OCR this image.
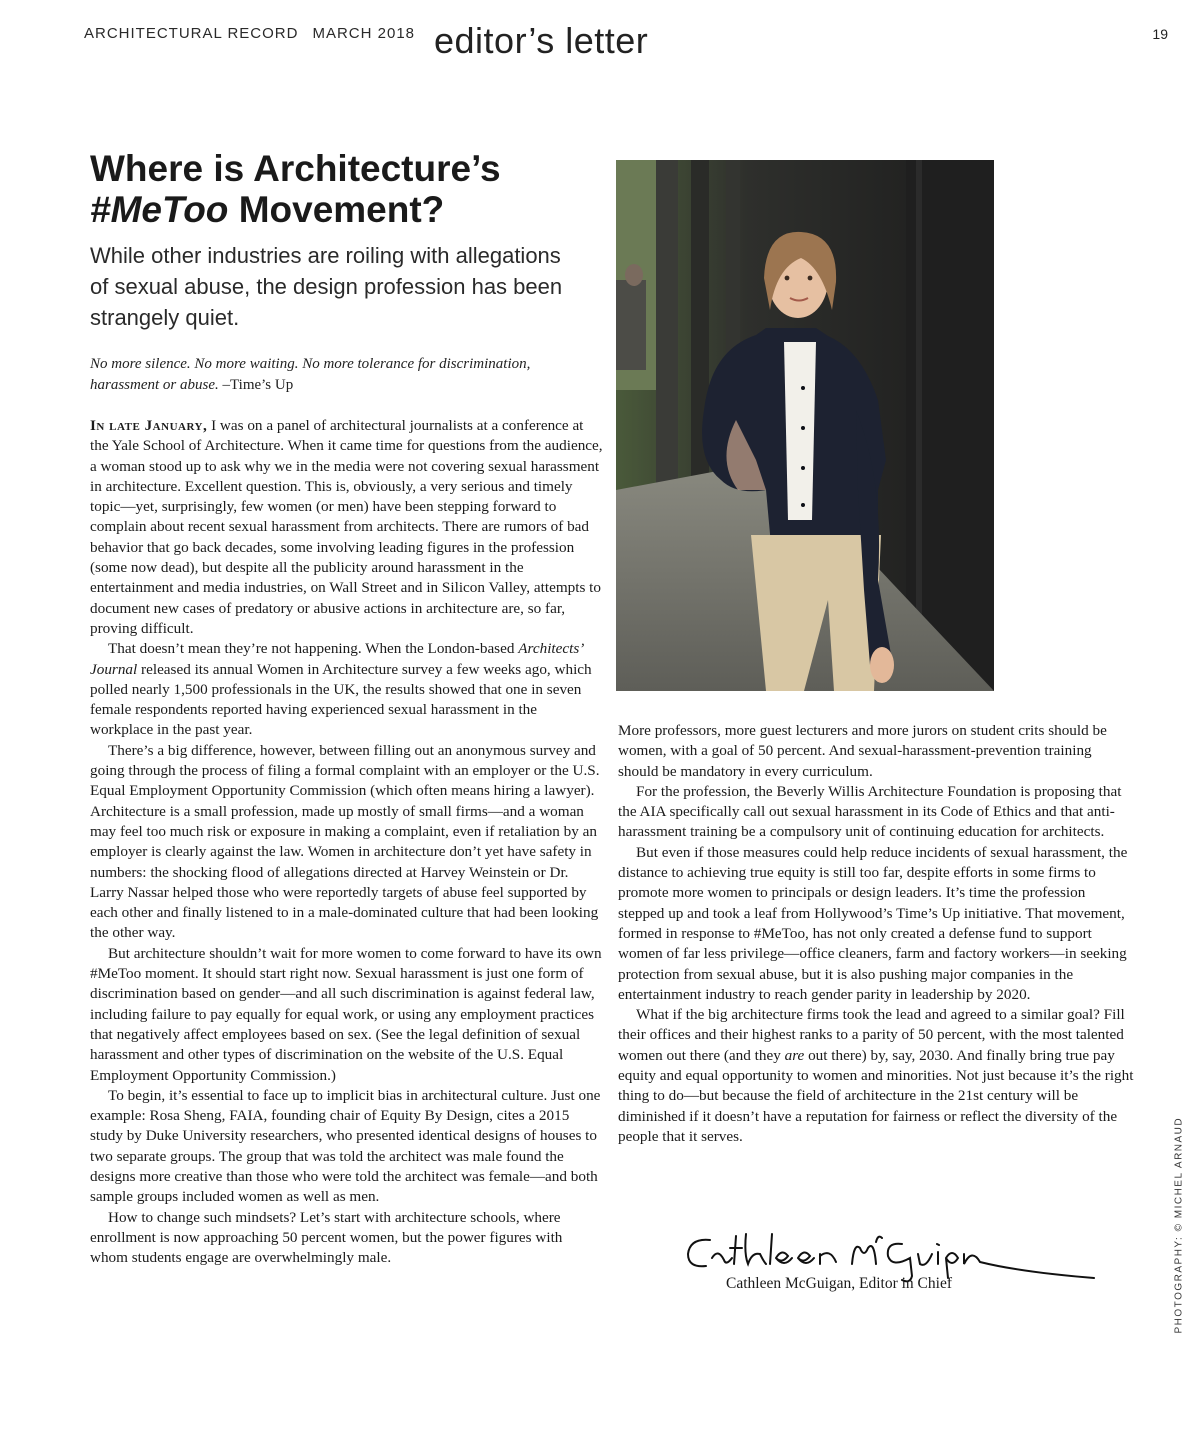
ARCHITECTURAL RECORD MARCH 2018 editor’s letter	19
Where is Architecture’s
#MeToo Movement?

While other industries are roiling with allegations of sexual abuse, the design profession has been strangely quiet.

No more silence. No more waiting. No more tolerance for discrimination, harassment or abuse. –Time’s Up

In late January, I was on a panel of architectural journalists at a conference at the Yale School of Architecture. When it came time for questions from the audience, a woman stood up to ask why we in the media were not covering sexual harassment in architecture. Excellent question. This is, obviously, a very serious and timely topic—yet, surprisingly, few women (or men) have been stepping forward to complain about recent sexual harassment from architects. There are rumors of bad behavior that go back decades, some involving leading figures in the profession (some now dead), but despite all the publicity around harassment in the entertainment and media industries, on Wall Street and in Silicon Valley, attempts to document new cases of predatory or abusive actions in architecture are, so far, proving difficult.

That doesn’t mean they’re not happening. When the London-based Architects’ Journal released its annual Women in Architecture survey a few weeks ago, which polled nearly 1,500 professionals in the UK, the results showed that one in seven female respondents reported having experienced sexual harassment in the workplace in the past year.

There’s a big difference, however, between filling out an anonymous survey and going through the process of filing a formal complaint with an employer or the U.S. Equal Employment Opportunity Commission (which often means hiring a lawyer). Architecture is a small profession, made up mostly of small firms—and a woman may feel too much risk or exposure in making a complaint, even if retaliation by an employer is clearly against the law. Women in architecture don’t yet have safety in numbers: the shocking flood of allegations directed at Harvey Weinstein or Dr. Larry Nassar helped those who were reportedly targets of abuse feel supported by each other and finally listened to in a male-dominated culture that had been looking the other way.

But architecture shouldn’t wait for more women to come forward to have its own #MeToo moment. It should start right now. Sexual harassment is just one form of discrimination based on gender—and all such discrimination is against federal law, including failure to pay equally for equal work, or using any employment practices that negatively affect employees based on sex. (See the legal definition of sexual harassment and other types of discrimination on the website of the U.S. Equal Employment Opportunity Commission.)

To begin, it’s essential to face up to implicit bias in architectural culture. Just one example: Rosa Sheng, FAIA, founding chair of Equity By Design, cites a 2015 study by Duke University researchers, who presented identical designs of houses to two separate groups. The group that was told the architect was male found the designs more creative than those who were told the architect was female—and both sample groups included women as well as men.

How to change such mindsets? Let’s start with architecture schools, where enrollment is now approaching 50 percent women, but the power figures with whom students engage are overwhelmingly male.

More professors, more guest lecturers and more jurors on student crits should be women, with a goal of 50 percent. And sexual-harassment-prevention training should be mandatory in every curriculum.

For the profession, the Beverly Willis Architecture Foundation is proposing that the AIA specifically call out sexual harassment in its Code of Ethics and that anti-harassment training be a compulsory unit of continuing education for architects.

But even if those measures could help reduce incidents of sexual harassment, the distance to achieving true equity is still too far, despite efforts in some firms to promote more women to principals or design leaders. It’s time the profession stepped up and took a leaf from Hollywood’s Time’s Up initiative. That movement, formed in response to #MeToo, has not only created a defense fund to support women of far less privilege—office cleaners, farm and factory workers—in seeking protection from sexual abuse, but it is also pushing major companies in the entertainment industry to reach gender parity in leadership by 2020.

What if the big architecture firms took the lead and agreed to a similar goal? Fill their offices and their highest ranks to a parity of 50 percent, with the most talented women out there (and they are out there) by, say, 2030. And finally bring true pay equity and equal opportunity to women and minorities. Not just because it’s the right thing to do—but because the field of architecture in the 21st century will be diminished if it doesn’t have a reputation for fairness or reflect the diversity of the people that it serves.

Cathleen McGuigan, Editor in Chief	PHOTOGRAPHY: © MICHEL ARNAUD
